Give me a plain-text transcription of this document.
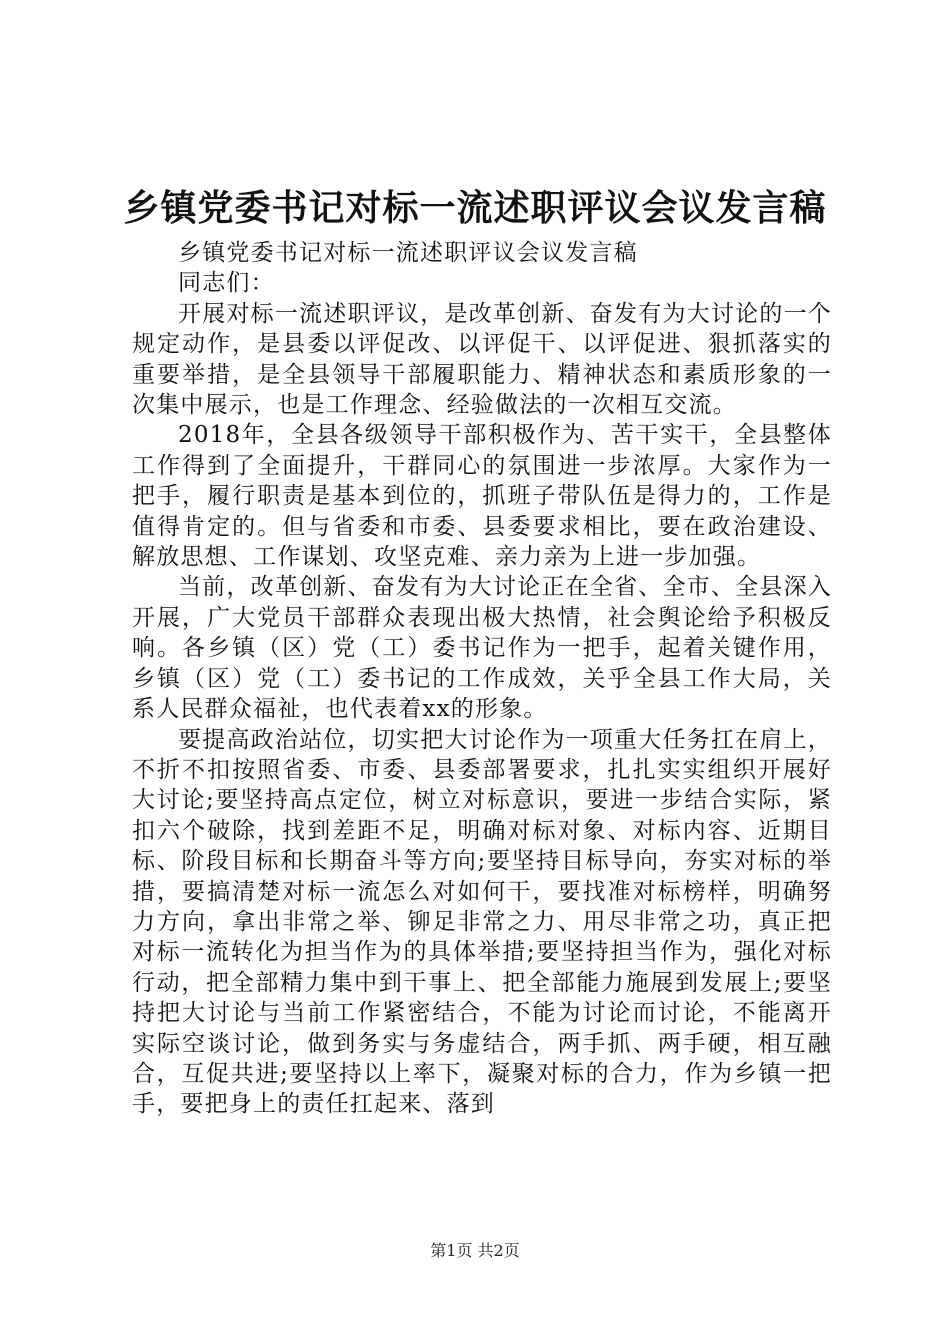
乡镇党委书记对标一流述职评议会议发言稿

乡镇党委书记对标一流述职评议会议发言稿

同志们：

开展对标一流述职评议，是改革创新、奋发有为大讨论的一个规定动作，是县委以评促改、以评促干、以评促进、狠抓落实的重要举措，是全县领导干部履职能力、精神状态和素质形象的一次集中展示，也是工作理念、经验做法的一次相互交流。

2018年，全县各级领导干部积极作为、苦干实干，全县整体工作得到了全面提升，干群同心的氛围进一步浓厚。大家作为一把手，履行职责是基本到位的，抓班子带队伍是得力的，工作是值得肯定的。但与省委和市委、县委要求相比，要在政治建设、解放思想、工作谋划、攻坚克难、亲力亲为上进一步加强。

当前，改革创新、奋发有为大讨论正在全省、全市、全县深入开展，广大党员干部群众表现出极大热情，社会舆论给予积极反响。各乡镇（区）党（工）委书记作为一把手，起着关键作用，乡镇（区）党（工）委书记的工作成效，关乎全县工作大局，关系人民群众福祉，也代表着xx的形象。

要提高政治站位，切实把大讨论作为一项重大任务扛在肩上，不折不扣按照省委、市委、县委部署要求，扎扎实实组织开展好大讨论;要坚持高点定位，树立对标意识，要进一步结合实际，紧扣六个破除，找到差距不足，明确对标对象、对标内容、近期目标、阶段目标和长期奋斗等方向;要坚持目标导向，夯实对标的举措，要搞清楚对标一流怎么对如何干，要找准对标榜样，明确努力方向，拿出非常之举、铆足非常之力、用尽非常之功，真正把对标一流转化为担当作为的具体举措;要坚持担当作为，强化对标行动，把全部精力集中到干事上、把全部能力施展到发展上;要坚持把大讨论与当前工作紧密结合，不能为讨论而讨论，不能离开实际空谈讨论，做到务实与务虚结合，两手抓、两手硬，相互融合，互促共进;要坚持以上率下，凝聚对标的合力，作为乡镇一把手，要把身上的责任扛起来、落到

第1页 共2页
